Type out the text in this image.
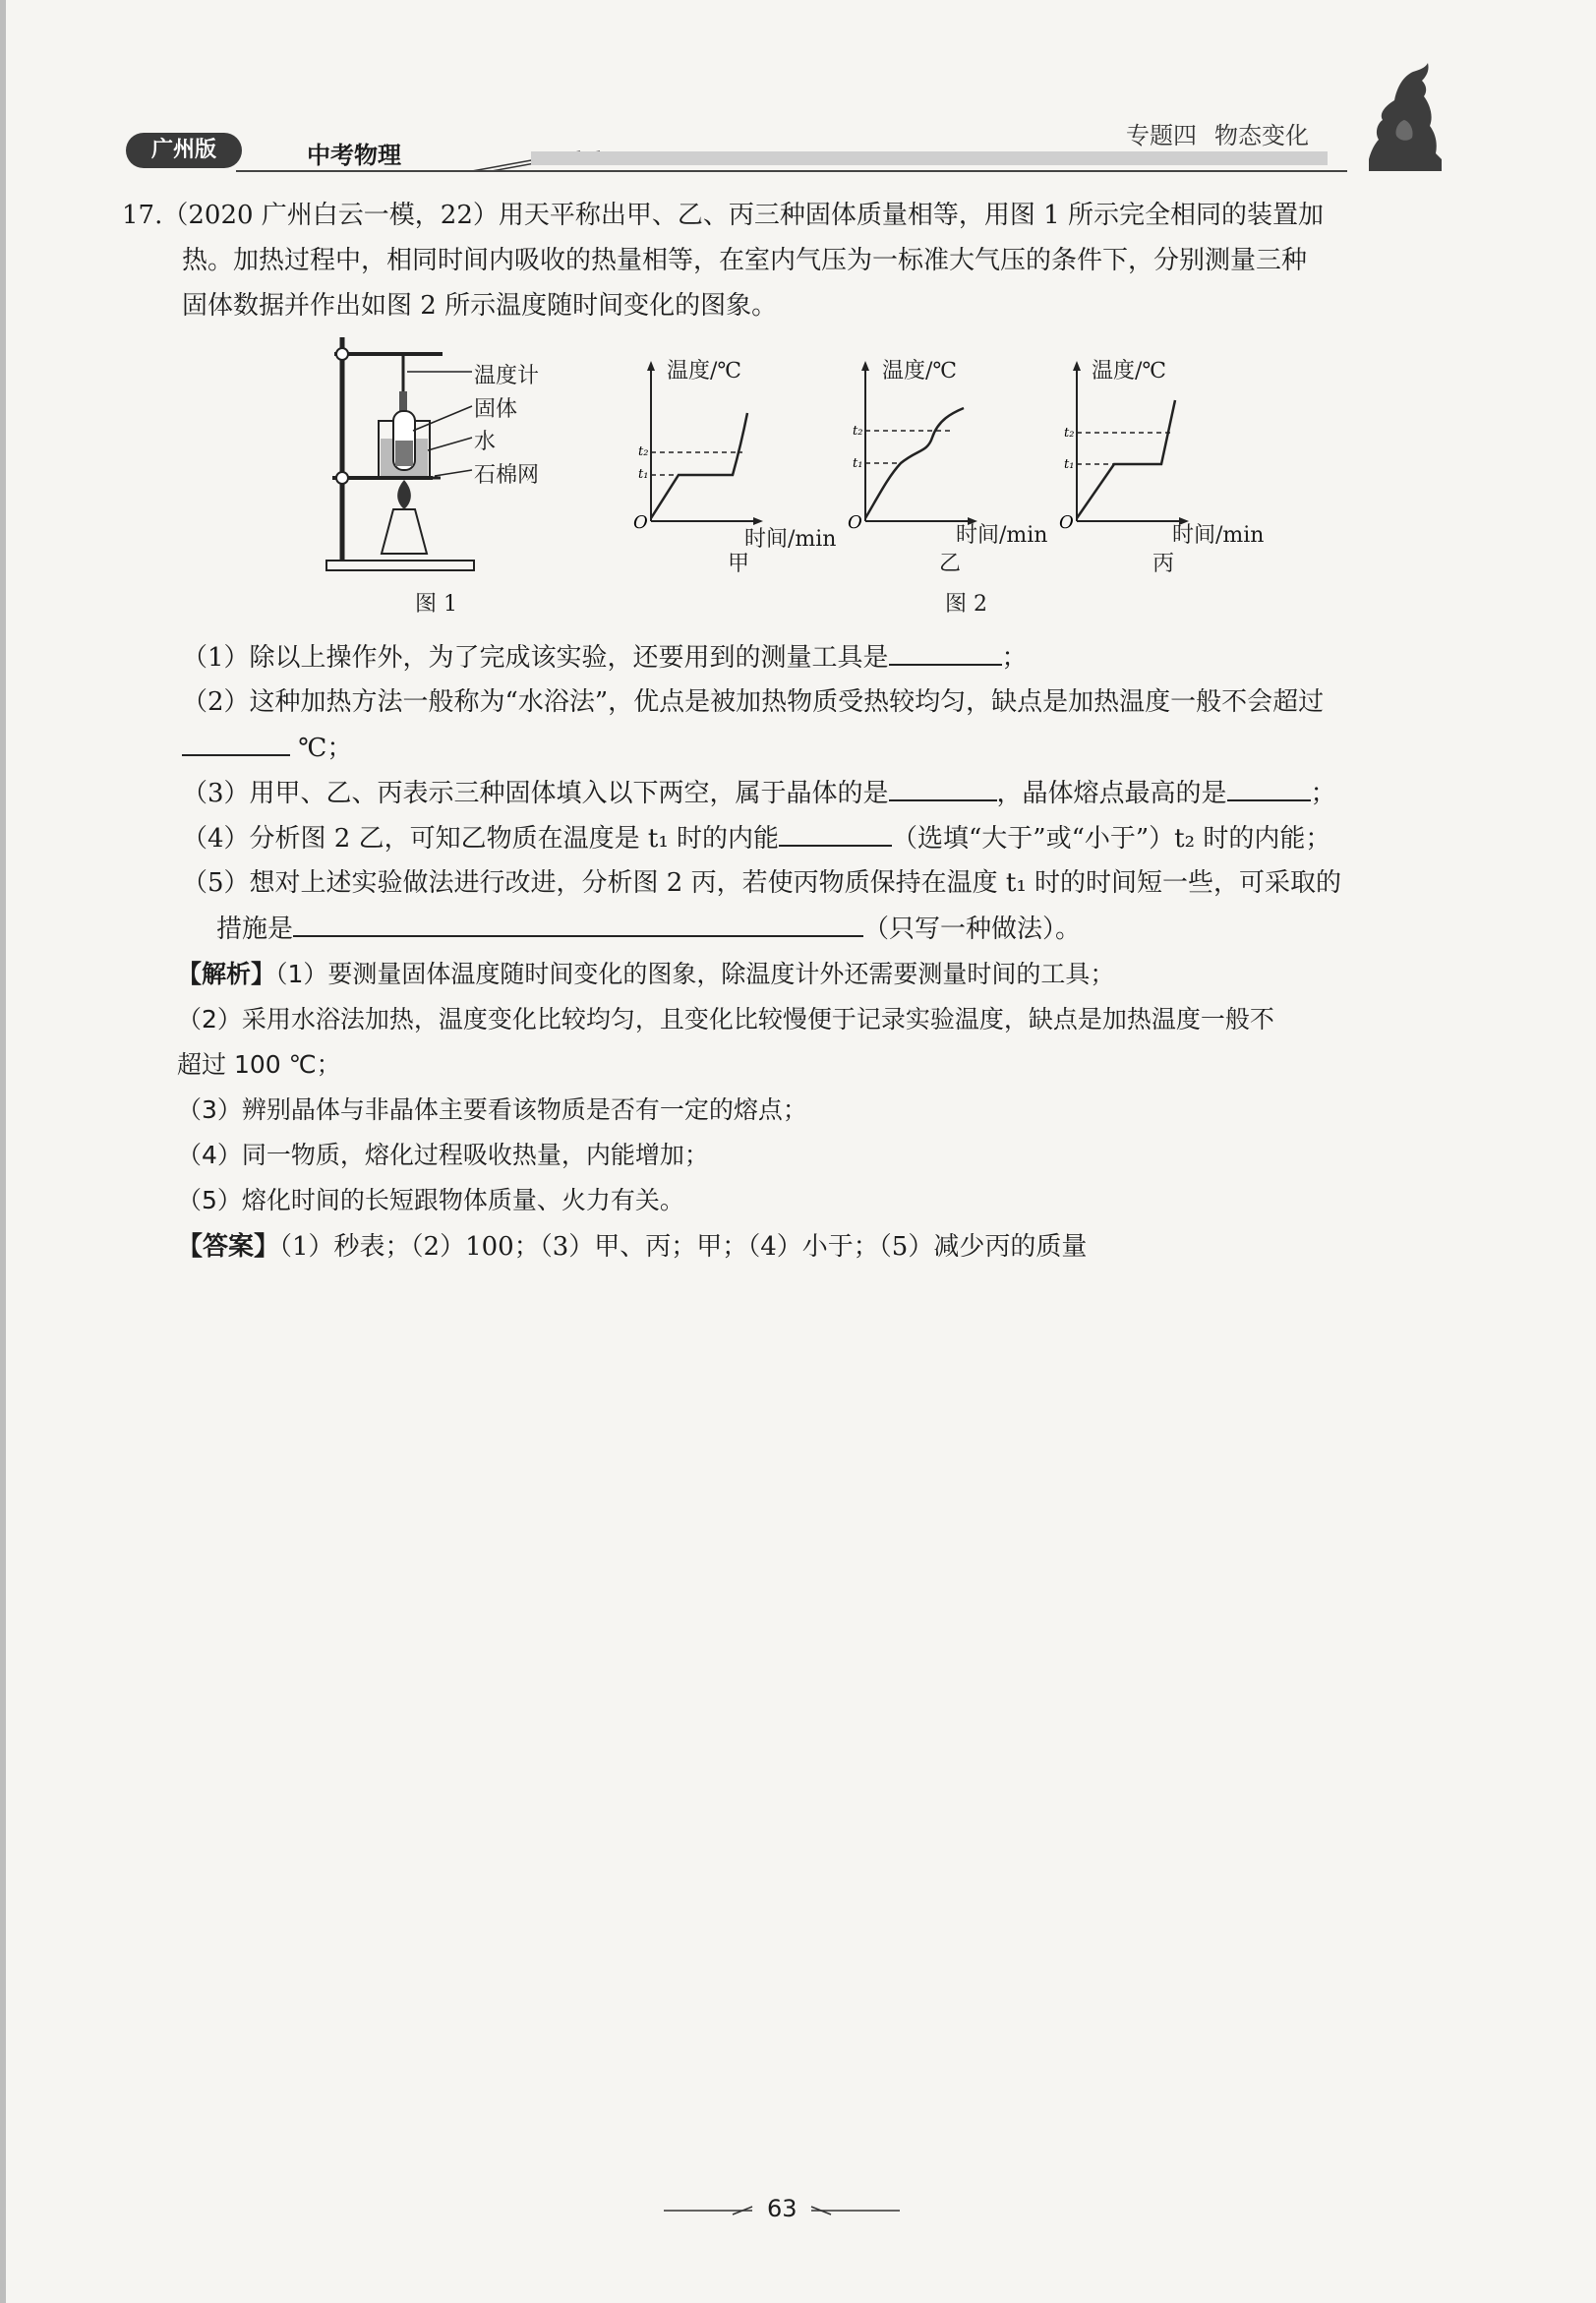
广州版	中考物理
专题四 物态变化
17.（2020 广州白云一模，22）用天平称出甲、乙、丙三种固体质量相等，用图 1 所示完全相同的装置加
热。加热过程中，相同时间内吸收的热量相等，在室内气压为一标准大气压的条件下，分别测量三种
固体数据并作出如图 2 所示温度随时间变化的图象。
温度计
固体
水
石棉网
图 1
温度/℃
时间/min
甲
t₂
t₁
O
温度/℃
时间/min
乙
t₂
t₁
O
温度/℃
时间/min
丙
t₂
t₁
O
图 2
（1）除以上操作外，为了完成该实验，还要用到的测量工具是	；
（2）这种加热方法一般称为“水浴法”，优点是被加热物质受热较均匀，缺点是加热温度一般不会超过
℃；
（3）用甲、乙、丙表示三种固体填入以下两空，属于晶体的是	，晶体熔点最高的是	；
（4）分析图 2 乙，可知乙物质在温度是 t₁ 时的内能	（选填“大于”或“小于”）t₂ 时的内能；
（5）想对上述实验做法进行改进，分析图 2 丙，若使丙物质保持在温度 t₁ 时的时间短一些，可采取的
措施是	（只写一种做法）。
【解析】（1）要测量固体温度随时间变化的图象，除温度计外还需要测量时间的工具；
（2）采用水浴法加热，温度变化比较均匀，且变化比较慢便于记录实验温度，缺点是加热温度一般不
超过 100 ℃；
（3）辨别晶体与非晶体主要看该物质是否有一定的熔点；
（4）同一物质，熔化过程吸收热量，内能增加；
（5）熔化时间的长短跟物体质量、火力有关。
【答案】（1）秒表；（2）100；（3）甲、丙；甲；（4）小于；（5）减少丙的质量
63
